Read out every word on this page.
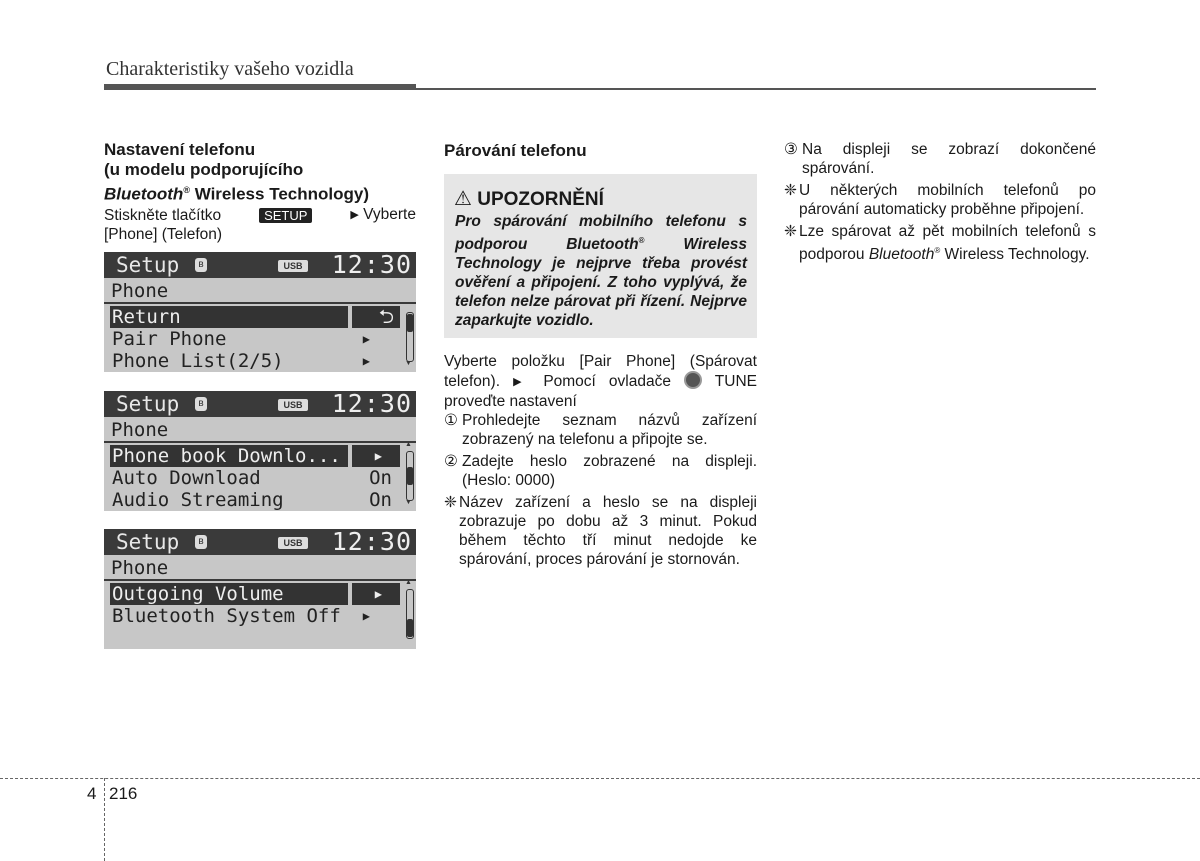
Charakteristiky vašeho vozidla
Nastavení telefonu
(u modelu podporujícího
Bluetooth® Wireless Technology)
Stiskněte tlačítko	SETUP	▶ Vyberte
[Phone] (Telefon)
Setup	ʙ	USB 12:30
Phone
Return	⮌
Pair Phone	▶
Phone List(2/5)	▶	▼
Setup	ʙ	USB 12:30
Phone
Phone book Downlo...	▶
Auto Download	On
Audio Streaming	On
▲
▼
Setup	ʙ	USB 12:30
Phone
Outgoing Volume	▶
Bluetooth System Off ▶
▲
Párování telefonu
⚠ UPOZORNĚNÍ
Pro spárování mobilního telefonu s podporou Bluetooth® Wireless Technology je nejprve třeba provést ověření a připojení. Z toho vyplývá, že telefon nelze párovat při řízení. Nejprve zaparkujte vozidlo.
Vyberte položku [Pair Phone] (Spárovat telefon). ▶ Pomocí ovladače	TUNE proveďte nastavení
① Prohledejte seznam názvů zařízení zobrazený na telefonu a připojte se.
② Zadejte heslo zobrazené na displeji. (Heslo: 0000)
❈ Název zařízení a heslo se na displeji zobrazuje po dobu až 3 minut. Pokud během těchto tří minut nedojde ke spárování, proces párování je stornován.
③ Na displeji se zobrazí dokončené spárování.
❈ U některých mobilních telefonů po párování automaticky proběhne připojení.
❈ Lze spárovat až pět mobilních telefonů s podporou Bluetooth® Wireless Technology.
4 216
